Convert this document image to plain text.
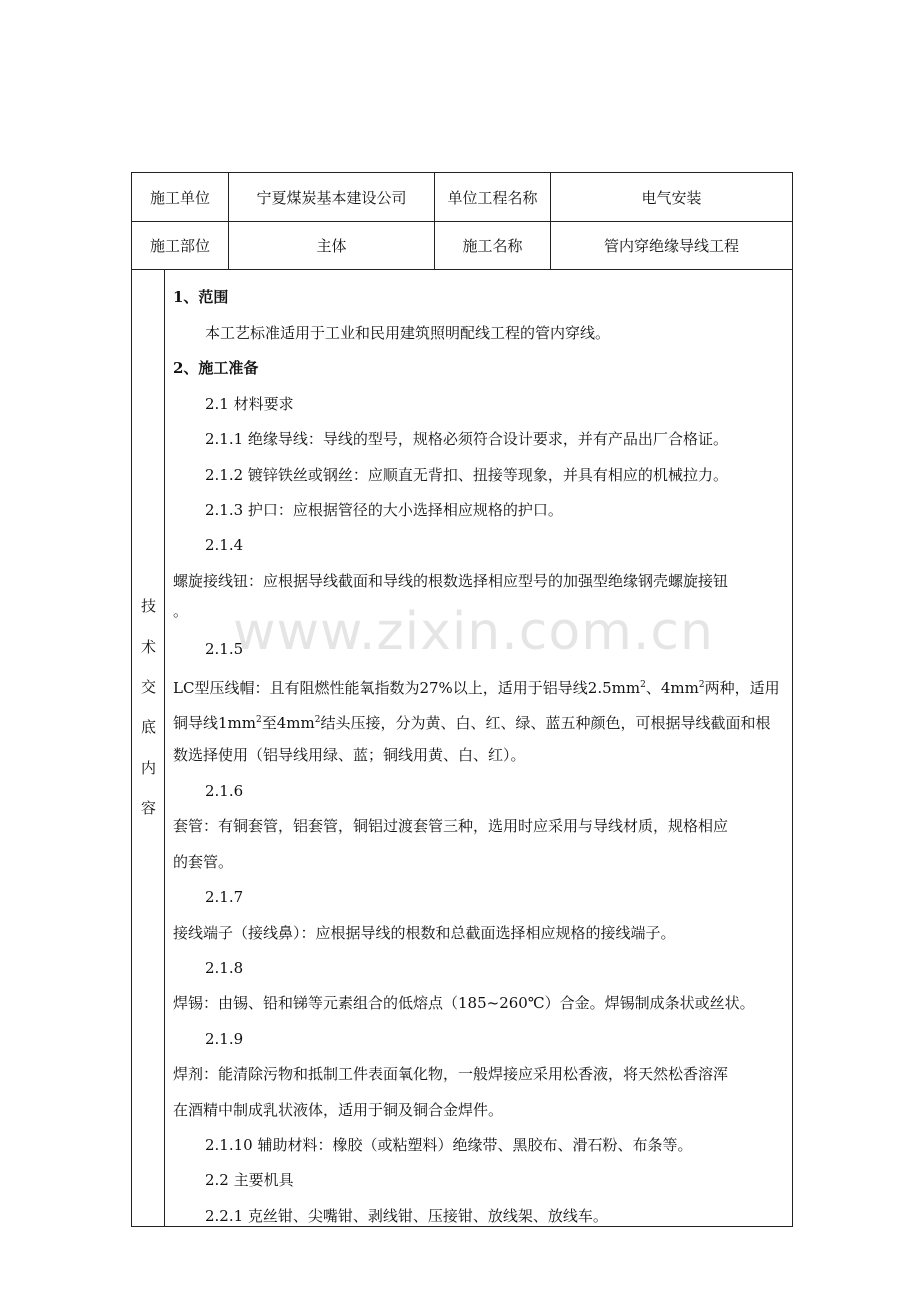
www.zixin.com.cn
施工单位	宁夏煤炭基本建设公司	单位工程名称	电气安装
施工部位	主体	施工名称	管内穿绝缘导线工程
技
术
交
底
内
容
1、范围
本工艺标准适用于工业和民用建筑照明配线工程的管内穿线。
2、施工准备
2.1 材料要求
2.1.1 绝缘导线：导线的型号，规格必须符合设计要求，并有产品出厂合格证。
2.1.2 镀锌铁丝或钢丝：应顺直无背扣、扭接等现象，并具有相应的机械拉力。
2.1.3 护口：应根据管径的大小选择相应规格的护口。
2.1.4
螺旋接线钮：应根据导线截面和导线的根数选择相应型号的加强型绝缘钢壳螺旋接钮
。
2.1.5
LC型压线帽：且有阻燃性能氧指数为27%以上，适用于铝导线$2.5mm^2$、$4mm^2$两种，适用
铜导线$1mm^2$至$4mm^2$结头压接，分为黄、白、红、绿、蓝五种颜色，可根据导线截面和根
数选择使用（铝导线用绿、蓝；铜线用黄、白、红）。
2.1.6
套管：有铜套管，铝套管，铜铝过渡套管三种，选用时应采用与导线材质，规格相应
的套管。
2.1.7
接线端子（接线鼻）：应根据导线的根数和总截面选择相应规格的接线端子。
2.1.8
焊锡：由锡、铅和锑等元素组合的低熔点（185~260℃）合金。焊锡制成条状或丝状。
2.1.9
焊剂：能清除污物和抵制工件表面氧化物，一般焊接应采用松香液，将天然松香溶浑
在酒精中制成乳状液体，适用于铜及铜合金焊件。
2.1.10 辅助材料：橡胶（或粘塑料）绝缘带、黑胶布、滑石粉、布条等。
2.2 主要机具
2.2.1 克丝钳、尖嘴钳、剥线钳、压接钳、放线架、放线车。
